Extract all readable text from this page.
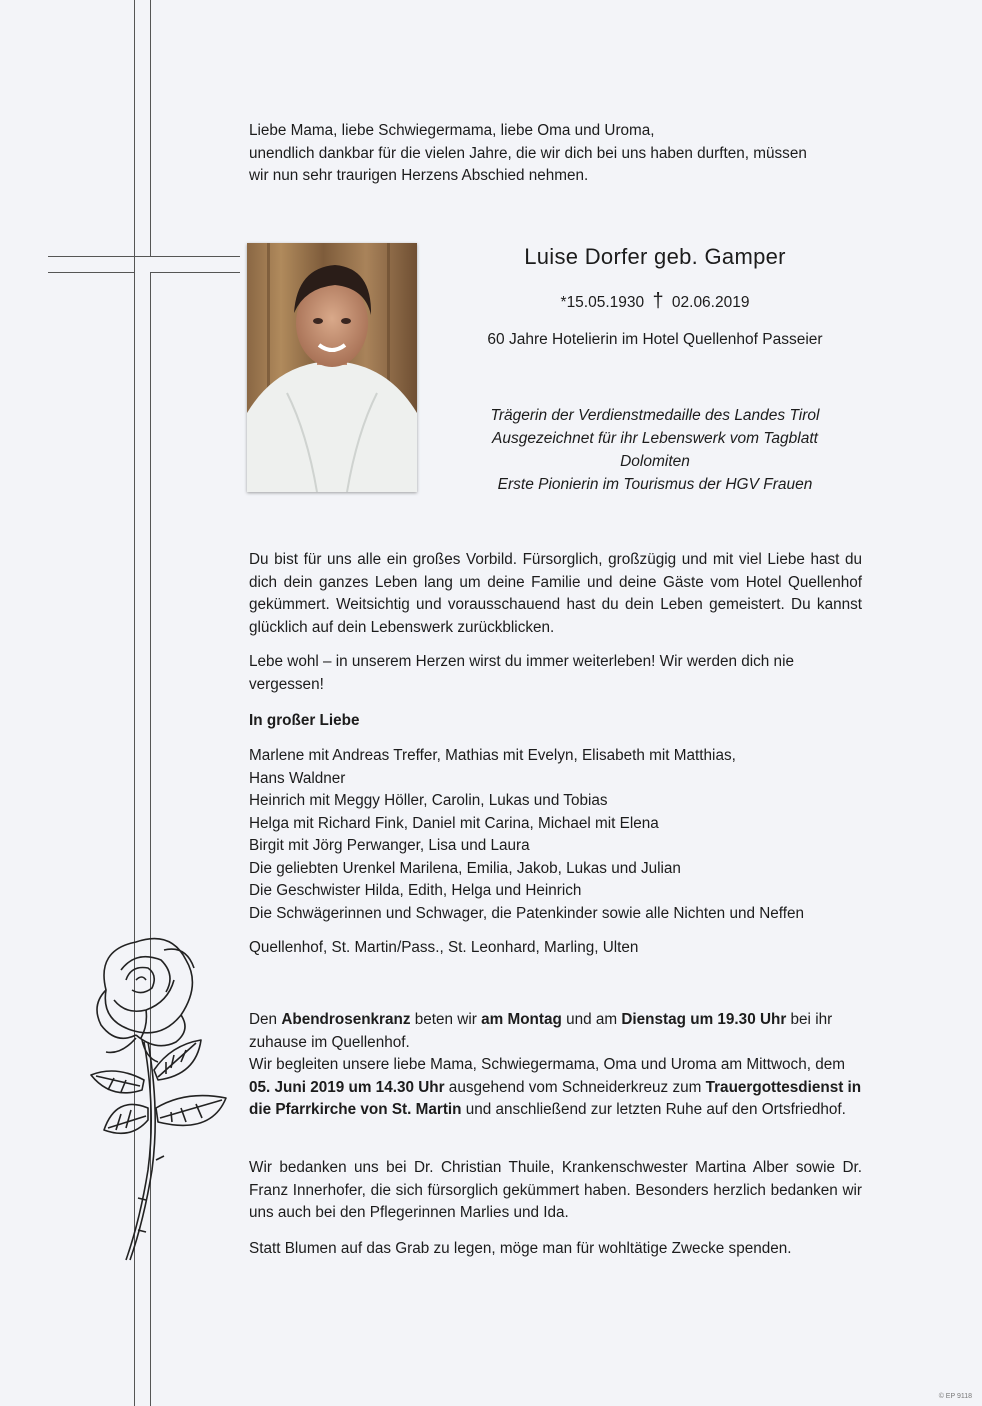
Liebe Mama, liebe Schwiegermama, liebe Oma und Uroma,
unendlich dankbar für die vielen Jahre, die wir dich bei uns haben durften, müssen
wir nun sehr traurigen Herzens Abschied nehmen.
Luise Dorfer geb. Gamper
*15.05.1930 † 02.06.2019
60 Jahre Hotelierin im Hotel Quellenhof Passeier
Trägerin der Verdienstmedaille des Landes Tirol
Ausgezeichnet für ihr Lebenswerk vom Tagblatt
Dolomiten
Erste Pionierin im Tourismus der HGV Frauen
Du bist für uns alle ein großes Vorbild. Fürsorglich, großzügig und mit viel Liebe hast du dich dein ganzes Leben lang um deine Familie und deine Gäste vom Hotel Quellenhof gekümmert. Weitsichtig und vorausschauend hast du dein Leben gemeistert. Du kannst glücklich auf dein Lebenswerk zurückblicken.
Lebe wohl – in unserem Herzen wirst du immer weiterleben! Wir werden dich nie vergessen!
In großer Liebe
Marlene mit Andreas Treffer, Mathias mit Evelyn, Elisabeth mit Matthias,
Hans Waldner
Heinrich mit Meggy Höller, Carolin, Lukas und Tobias
Helga mit Richard Fink, Daniel mit Carina, Michael mit Elena
Birgit mit Jörg Perwanger, Lisa und Laura
Die geliebten Urenkel Marilena, Emilia, Jakob, Lukas und Julian
Die Geschwister Hilda, Edith, Helga und Heinrich
Die Schwägerinnen und Schwager, die Patenkinder sowie alle Nichten und Neffen
Quellenhof, St. Martin/Pass., St. Leonhard, Marling, Ulten
Den Abendrosenkranz beten wir am Montag und am Dienstag um 19.30 Uhr bei ihr zuhause im Quellenhof.
Wir begleiten unsere liebe Mama, Schwiegermama, Oma und Uroma am Mittwoch, dem 05. Juni 2019 um 14.30 Uhr ausgehend vom Schneiderkreuz zum Trauergottesdienst in die Pfarrkirche von St. Martin und anschließend zur letzten Ruhe auf den Ortsfriedhof.
Wir bedanken uns bei Dr. Christian Thuile, Krankenschwester Martina Alber sowie Dr. Franz Innerhofer, die sich fürsorglich gekümmert haben. Besonders herzlich bedanken wir uns auch bei den Pflegerinnen Marlies und Ida.
Statt Blumen auf das Grab zu legen, möge man für wohltätige Zwecke spenden.
© EP 9118
